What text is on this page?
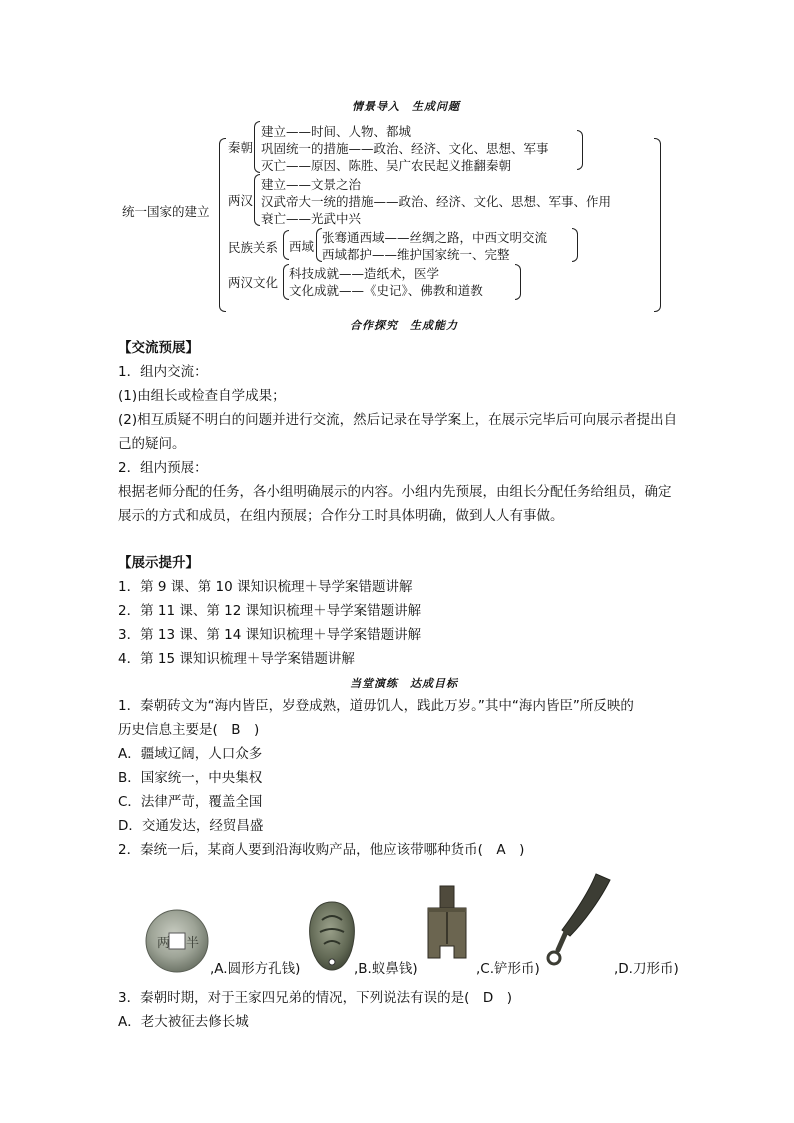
情景导入　生成问题
统一国家的建立
秦朝
建立——时间、人物、都城
巩固统一的措施——政治、经济、文化、思想、军事
灭亡——原因、陈胜、吴广农民起义推翻秦朝
两汉
建立——文景之治
汉武帝大一统的措施——政治、经济、文化、思想、军事、作用
衰亡——光武中兴
民族关系 西域
张骞通西域——丝绸之路，中西文明交流
西域都护——维护国家统一、完整
两汉文化
科技成就——造纸术，医学
文化成就——《史记》、佛教和道教
合作探究　生成能力
【交流预展】
1．组内交流：
(1)由组长或检查自学成果；
(2)相互质疑不明白的问题并进行交流，然后记录在导学案上，在展示完毕后可向展示者提出自
己的疑问。
2．组内预展：
根据老师分配的任务，各小组明确展示的内容。小组内先预展，由组长分配任务给组员，确定
展示的方式和成员，在组内预展；合作分工时具体明确，做到人人有事做。
【展示提升】
1．第 9 课、第 10 课知识梳理＋导学案错题讲解
2．第 11 课、第 12 课知识梳理＋导学案错题讲解
3．第 13 课、第 14 课知识梳理＋导学案错题讲解
4．第 15 课知识梳理＋导学案错题讲解
当堂演练　达成目标
1．秦朝砖文为“海内皆臣，岁登成熟，道毋饥人，践此万岁。”其中“海内皆臣”所反映的
历史信息主要是(　B　)
A．疆域辽阔，人口众多
B．国家统一，中央集权
C．法律严苛，覆盖全国
D．交通发达，经贸昌盛
2．秦统一后，某商人要到沿海收购产品，他应该带哪种货币(　A　)
两 半
,A.圆形方孔钱)	,B.蚁鼻钱)	,C.铲形币)	,D.刀形币)
3．秦朝时期，对于王家四兄弟的情况，下列说法有误的是(　D　)
A．老大被征去修长城
